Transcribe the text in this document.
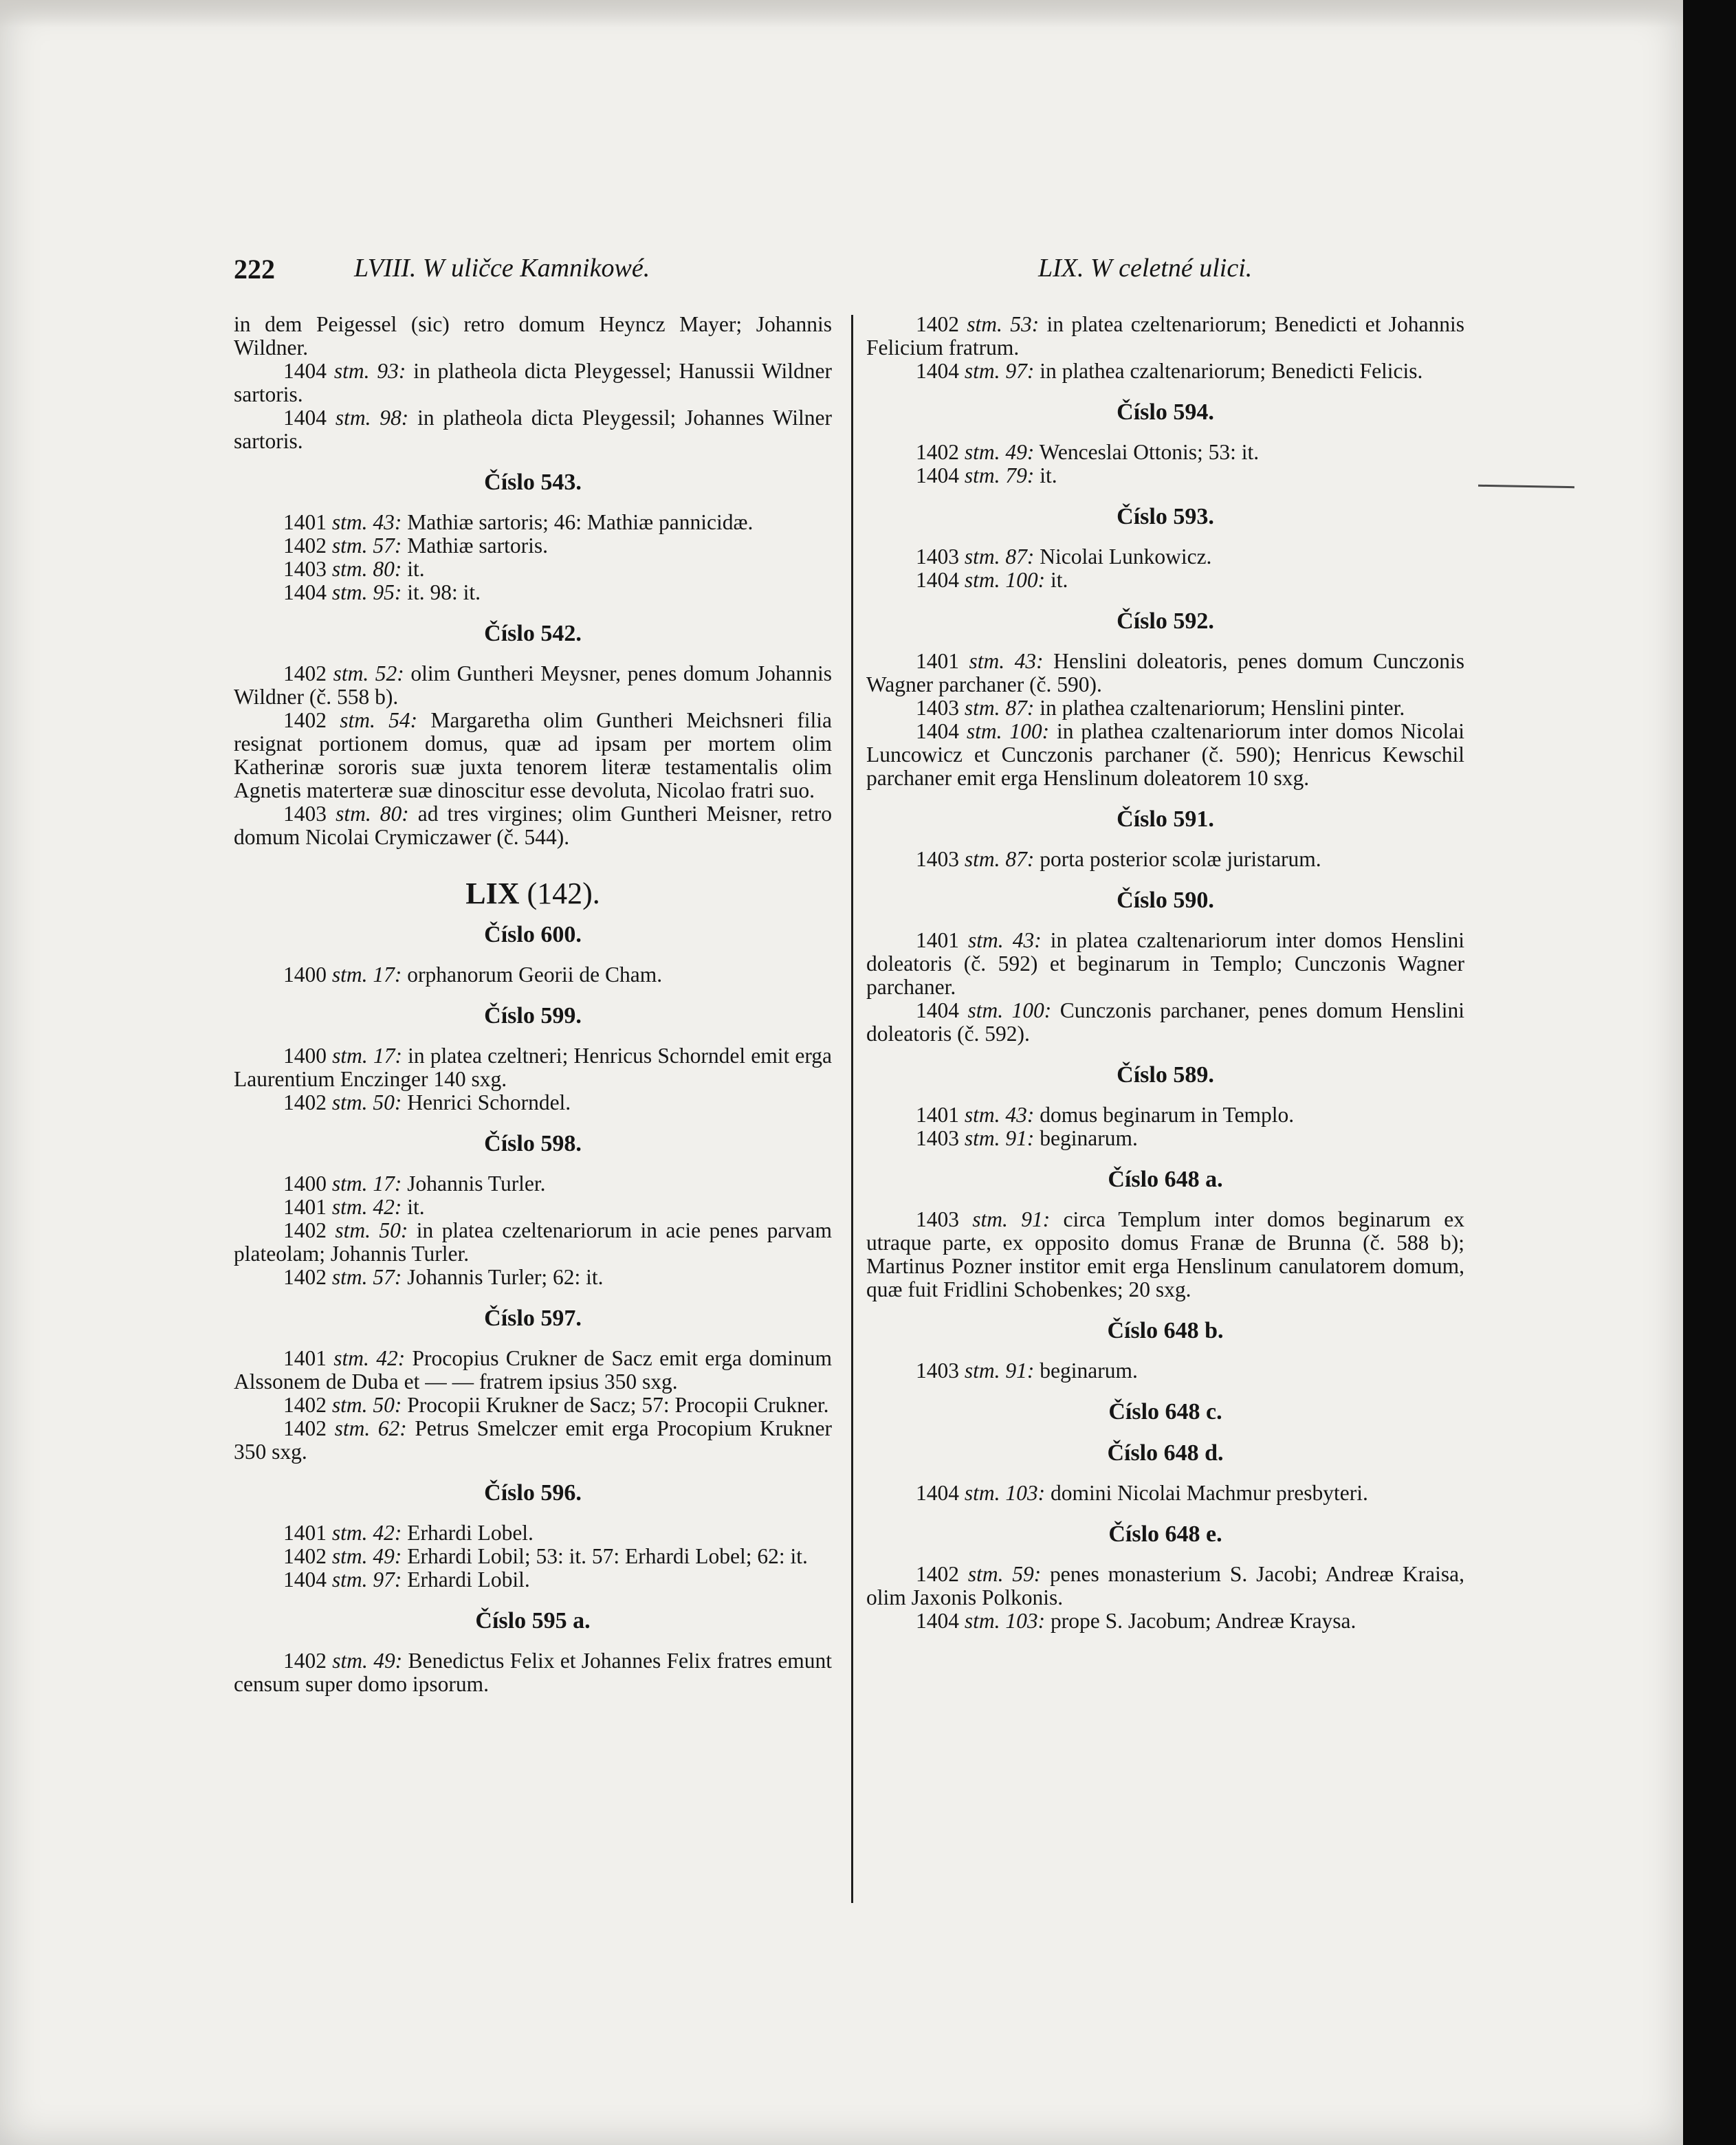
222	LVIII. W uličce Kamnikowé.	LIX. W celetné ulici.

in dem Peigessel (sic) retro domum Heyncz Mayer; Johannis Wildner.

1404 stm. 93: in platheola dicta Pleygessel; Hanussii Wildner sartoris.

1404 stm. 98: in platheola dicta Pleygessil; Johannes Wilner sartoris.

Číslo 543.

1401 stm. 43: Mathiæ sartoris; 46: Mathiæ pannicidæ.

1402 stm. 57: Mathiæ sartoris.

1403 stm. 80: it.

1404 stm. 95: it. 98: it.

Číslo 542.

1402 stm. 52: olim Guntheri Meysner, penes domum Johannis Wildner (č. 558 b).

1402 stm. 54: Margaretha olim Guntheri Meichsneri filia resignat portionem domus, quæ ad ipsam per mortem olim Katherinæ sororis suæ juxta tenorem literæ testamentalis olim Agnetis materteræ suæ dinoscitur esse devoluta, Nicolao fratri suo.

1403 stm. 80: ad tres virgines; olim Guntheri Meisner, retro domum Nicolai Crymiczawer (č. 544).

LIX (142).
Číslo 600.

1400 stm. 17: orphanorum Georii de Cham.

Číslo 599.

1400 stm. 17: in platea czeltneri; Henricus Schorndel emit erga Laurentium Enczinger 140 sxg.

1402 stm. 50: Henrici Schorndel.

Číslo 598.

1400 stm. 17: Johannis Turler.

1401 stm. 42: it.

1402 stm. 50: in platea czeltenariorum in acie penes parvam plateolam; Johannis Turler.

1402 stm. 57: Johannis Turler; 62: it.

Číslo 597.

1401 stm. 42: Procopius Crukner de Sacz emit erga dominum Alssonem de Duba et — — fratrem ipsius 350 sxg.

1402 stm. 50: Procopii Krukner de Sacz; 57: Procopii Crukner.

1402 stm. 62: Petrus Smelczer emit erga Procopium Krukner 350 sxg.

Číslo 596.

1401 stm. 42: Erhardi Lobel.

1402 stm. 49: Erhardi Lobil; 53: it. 57: Erhardi Lobel; 62: it.

1404 stm. 97: Erhardi Lobil.

Číslo 595 a.

1402 stm. 49: Benedictus Felix et Johannes Felix fratres emunt censum super domo ipsorum.

1402 stm. 53: in platea czeltenariorum; Benedicti et Johannis Felicium fratrum.

1404 stm. 97: in plathea czaltenariorum; Benedicti Felicis.

Číslo 594.

1402 stm. 49: Wenceslai Ottonis; 53: it.

1404 stm. 79: it.

Číslo 593.

1403 stm. 87: Nicolai Lunkowicz.

1404 stm. 100: it.

Číslo 592.

1401 stm. 43: Henslini doleatoris, penes domum Cunczonis Wagner parchaner (č. 590).

1403 stm. 87: in plathea czaltenariorum; Henslini pinter.

1404 stm. 100: in plathea czaltenariorum inter domos Nicolai Luncowicz et Cunczonis parchaner (č. 590); Henricus Kewschil parchaner emit erga Henslinum doleatorem 10 sxg.

Číslo 591.

1403 stm. 87: porta posterior scolæ juristarum.

Číslo 590.

1401 stm. 43: in platea czaltenariorum inter domos Henslini doleatoris (č. 592) et beginarum in Templo; Cunczonis Wagner parchaner.

1404 stm. 100: Cunczonis parchaner, penes domum Henslini doleatoris (č. 592).

Číslo 589.

1401 stm. 43: domus beginarum in Templo.

1403 stm. 91: beginarum.

Číslo 648 a.

1403 stm. 91: circa Templum inter domos beginarum ex utraque parte, ex opposito domus Franæ de Brunna (č. 588 b); Martinus Pozner institor emit erga Henslinum canulatorem domum, quæ fuit Fridlini Schobenkes; 20 sxg.

Číslo 648 b.

1403 stm. 91: beginarum.

Číslo 648 c.
Číslo 648 d.

1404 stm. 103: domini Nicolai Machmur presbyteri.

Číslo 648 e.

1402 stm. 59: penes monasterium S. Jacobi; Andreæ Kraisa, olim Jaxonis Polkonis.

1404 stm. 103: prope S. Jacobum; Andreæ Kraysa.
